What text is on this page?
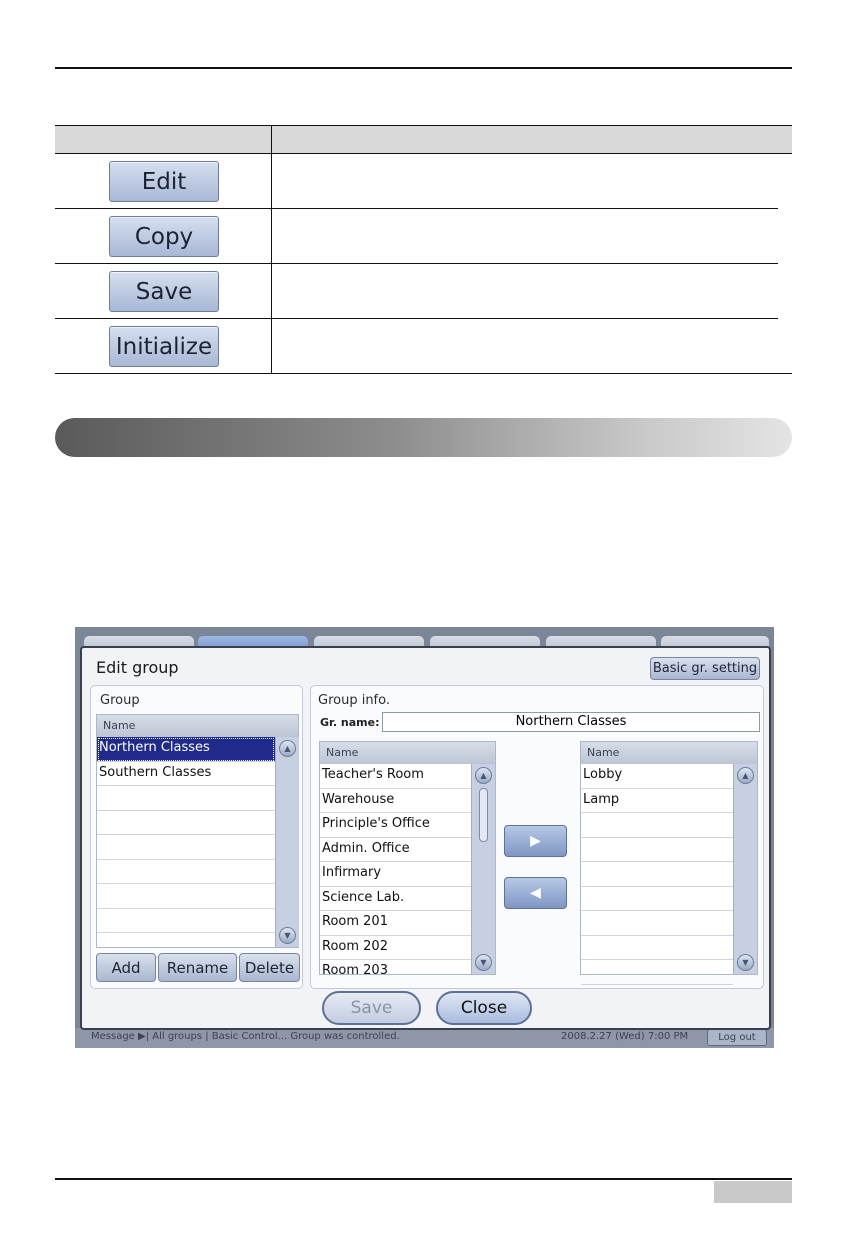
Edit
Copy
Save
Initialize
Message ▶| All groups | Basic Control... Group was controlled.	2008.2.27 (Wed) 7:00 PM	Log out
Edit group	Basic gr. setting
Group
Name
Northern Classes
Southern Classes

▲
▼
Add	Rename	Delete
Group info.
Gr. name:	Northern Classes
Name
Teacher's Room
Warehouse
Principle's Office
Admin. Office
Infirmary
Science Lab.
Room 201
Room 202
Room 203
▲
▼
▶
◀
Name
Lobby
Lamp

▲
▼
Save	Close
